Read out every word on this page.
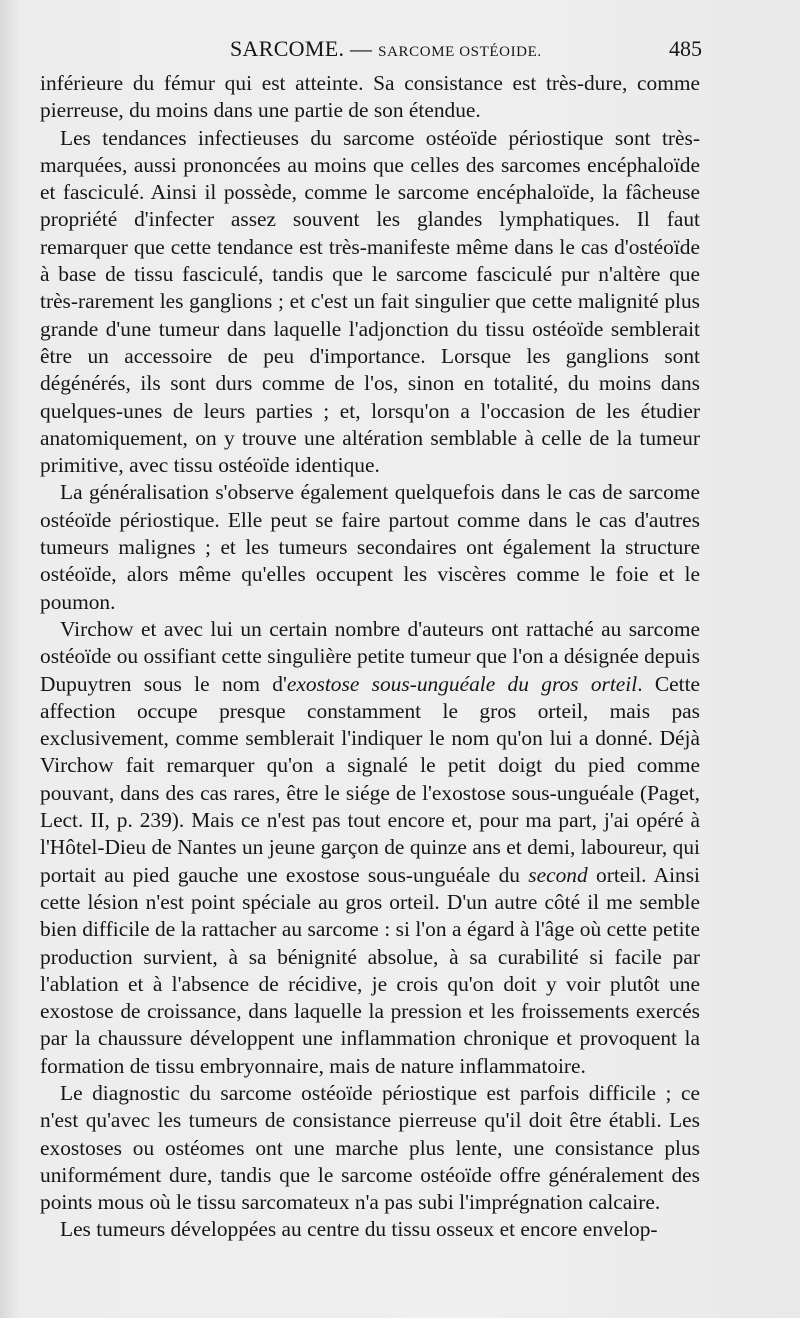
SARCOME. — SARCOME OSTÉOIDE.	485

inférieure du fémur qui est atteinte. Sa consistance est très-dure, comme pierreuse, du moins dans une partie de son étendue.

Les tendances infectieuses du sarcome ostéoïde périostique sont très-marquées, aussi prononcées au moins que celles des sarcomes encéphaloïde et fasciculé. Ainsi il possède, comme le sarcome encéphaloïde, la fâcheuse propriété d'infecter assez souvent les glandes lymphatiques. Il faut remarquer que cette tendance est très-manifeste même dans le cas d'ostéoïde à base de tissu fasciculé, tandis que le sarcome fasciculé pur n'altère que très-rarement les ganglions ; et c'est un fait singulier que cette malignité plus grande d'une tumeur dans laquelle l'adjonction du tissu ostéoïde semblerait être un accessoire de peu d'importance. Lorsque les ganglions sont dégénérés, ils sont durs comme de l'os, sinon en totalité, du moins dans quelques-unes de leurs parties ; et, lorsqu'on a l'occasion de les étudier anatomiquement, on y trouve une altération semblable à celle de la tumeur primitive, avec tissu ostéoïde identique.

La généralisation s'observe également quelquefois dans le cas de sarcome ostéoïde périostique. Elle peut se faire partout comme dans le cas d'autres tumeurs malignes ; et les tumeurs secondaires ont également la structure ostéoïde, alors même qu'elles occupent les viscères comme le foie et le poumon.

Virchow et avec lui un certain nombre d'auteurs ont rattaché au sarcome ostéoïde ou ossifiant cette singulière petite tumeur que l'on a désignée depuis Dupuytren sous le nom d'exostose sous-unguéale du gros orteil. Cette affection occupe presque constamment le gros orteil, mais pas exclusivement, comme semblerait l'indiquer le nom qu'on lui a donné. Déjà Virchow fait remarquer qu'on a signalé le petit doigt du pied comme pouvant, dans des cas rares, être le siége de l'exostose sous-unguéale (Paget, Lect. II, p. 239). Mais ce n'est pas tout encore et, pour ma part, j'ai opéré à l'Hôtel-Dieu de Nantes un jeune garçon de quinze ans et demi, laboureur, qui portait au pied gauche une exostose sous-unguéale du second orteil. Ainsi cette lésion n'est point spéciale au gros orteil. D'un autre côté il me semble bien difficile de la rattacher au sarcome : si l'on a égard à l'âge où cette petite production survient, à sa bénignité absolue, à sa curabilité si facile par l'ablation et à l'absence de récidive, je crois qu'on doit y voir plutôt une exostose de croissance, dans laquelle la pression et les froissements exercés par la chaussure développent une inflammation chronique et provoquent la formation de tissu embryonnaire, mais de nature inflammatoire.

Le diagnostic du sarcome ostéoïde périostique est parfois difficile ; ce n'est qu'avec les tumeurs de consistance pierreuse qu'il doit être établi. Les exostoses ou ostéomes ont une marche plus lente, une consistance plus uniformément dure, tandis que le sarcome ostéoïde offre généralement des points mous où le tissu sarcomateux n'a pas subi l'imprégnation calcaire.

Les tumeurs développées au centre du tissu osseux et encore envelop-
